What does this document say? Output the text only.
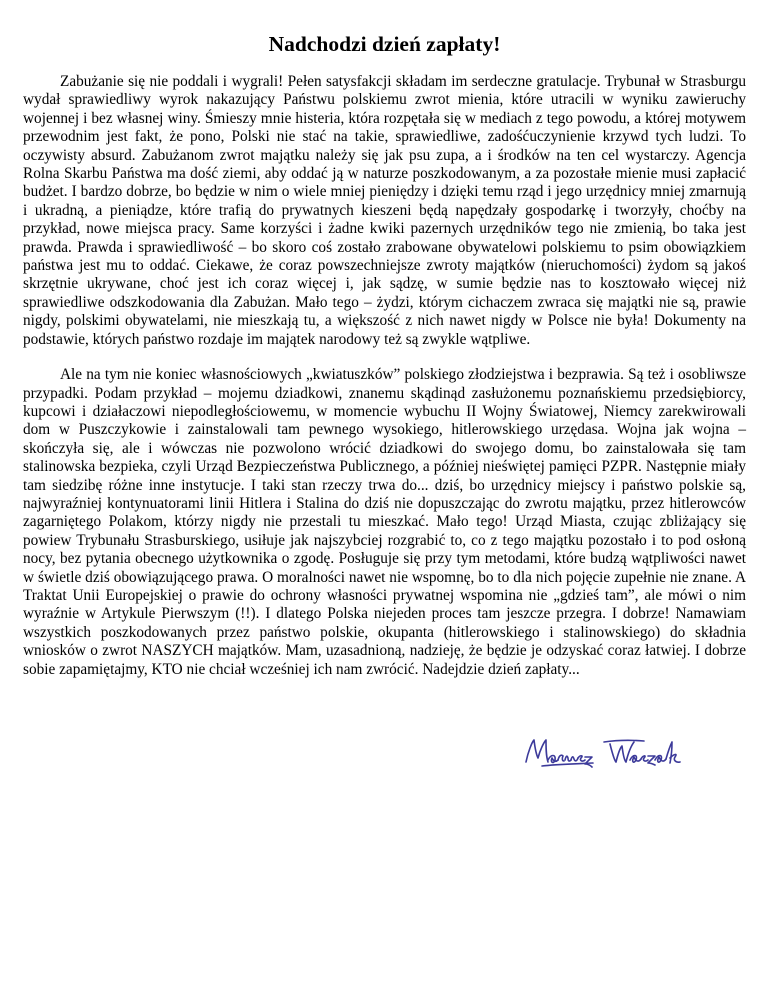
Nadchodzi dzień zapłaty!

Zabużanie się nie poddali i wygrali! Pełen satysfakcji składam im serdeczne gratulacje. Trybunał w Strasburgu wydał sprawiedliwy wyrok nakazujący Państwu polskiemu zwrot mienia, które utracili w wyniku zawieruchy wojennej i bez własnej winy. Śmieszy mnie histeria, która rozpętała się w mediach z tego powodu, a której motywem przewodnim jest fakt, że pono, Polski nie stać na takie, sprawiedliwe, zadośćuczynienie krzywd tych ludzi. To oczywisty absurd. Zabużanom zwrot majątku należy się jak psu zupa, a i środków na ten cel wystarczy. Agencja Rolna Skarbu Państwa ma dość ziemi, aby oddać ją w naturze poszkodowanym, a za pozostałe mienie musi zapłacić budżet. I bardzo dobrze, bo będzie w nim o wiele mniej pieniędzy i dzięki temu rząd i jego urzędnicy mniej zmarnują i ukradną, a pieniądze, które trafią do prywatnych kieszeni będą napędzały gospodarkę i tworzyły, choćby na przykład, nowe miejsca pracy. Same korzyści i żadne kwiki pazernych urzędników tego nie zmienią, bo taka jest prawda. Prawda i sprawiedliwość – bo skoro coś zostało zrabowane obywatelowi polskiemu to psim obowiązkiem państwa jest mu to oddać. Ciekawe, że coraz powszechniejsze zwroty majątków (nieruchomości) żydom są jakoś skrzętnie ukrywane, choć jest ich coraz więcej i, jak sądzę, w sumie będzie nas to kosztowało więcej niż sprawiedliwe odszkodowania dla Zabużan. Mało tego – żydzi, którym cichaczem zwraca się majątki nie są, prawie nigdy, polskimi obywatelami, nie mieszkają tu, a większość z nich nawet nigdy w Polsce nie była! Dokumenty na podstawie, których państwo rozdaje im majątek narodowy też są zwykle wątpliwe.

Ale na tym nie koniec własnościowych „kwiatuszków” polskiego złodziejstwa i bezprawia. Są też i osobliwsze przypadki. Podam przykład – mojemu dziadkowi, znanemu skądinąd zasłużonemu poznańskiemu przedsiębiorcy, kupcowi i działaczowi niepodległościowemu, w momencie wybuchu II Wojny Światowej, Niemcy zarekwirowali dom w Puszczykowie i zainstalowali tam pewnego wysokiego, hitlerowskiego urzędasa. Wojna jak wojna – skończyła się, ale i wówczas nie pozwolono wrócić dziadkowi do swojego domu, bo zainstalowała się tam stalinowska bezpieka, czyli Urząd Bezpieczeństwa Publicznego, a później nieświętej pamięci PZPR. Następnie miały tam siedzibę różne inne instytucje. I taki stan rzeczy trwa do... dziś, bo urzędnicy miejscy i państwo polskie są, najwyraźniej kontynuatorami linii Hitlera i Stalina do dziś nie dopuszczając do zwrotu majątku, przez hitlerowców zagarniętego Polakom, którzy nigdy nie przestali tu mieszkać. Mało tego! Urząd Miasta, czując zbliżający się powiew Trybunału Strasburskiego, usiłuje jak najszybciej rozgrabić to, co z tego majątku pozostało i to pod osłoną nocy, bez pytania obecnego użytkownika o zgodę. Posługuje się przy tym metodami, które budzą wątpliwości nawet w świetle dziś obowiązującego prawa. O moralności nawet nie wspomnę, bo to dla nich pojęcie zupełnie nie znane. A Traktat Unii Europejskiej o prawie do ochrony własności prywatnej wspomina nie „gdzieś tam”, ale mówi o nim wyraźnie w Artykule Pierwszym (!!). I dlatego Polska niejeden proces tam jeszcze przegra. I dobrze! Namawiam wszystkich poszkodowanych przez państwo polskie, okupanta (hitlerowskiego i stalinowskiego) do składnia wniosków o zwrot NASZYCH majątków. Mam, uzasadnioną, nadzieję, że będzie je odzyskać coraz łatwiej. I dobrze sobie zapamiętajmy, KTO nie chciał wcześniej ich nam zwrócić. Nadejdzie dzień zapłaty...
